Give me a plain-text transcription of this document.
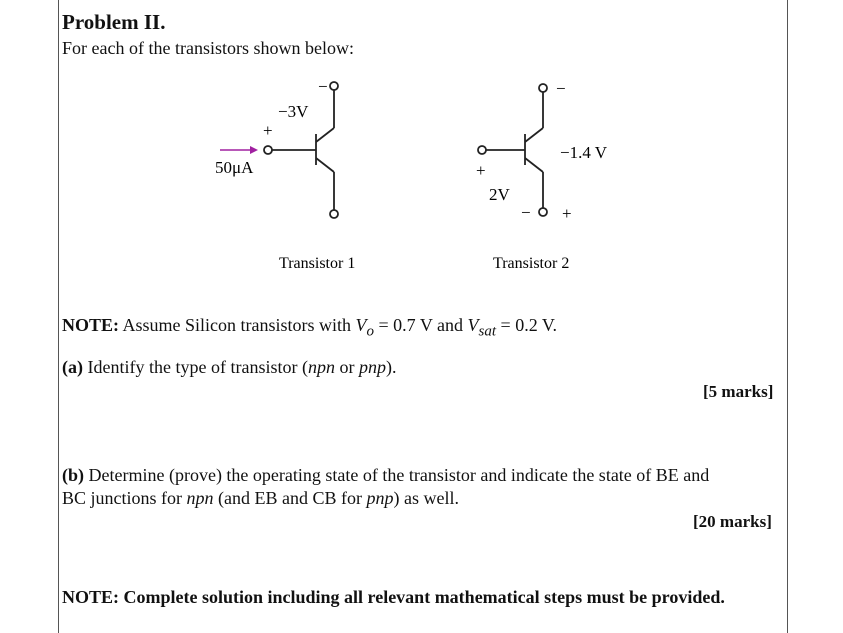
Problem II.
For each of the transistors shown below:
−
−3V
+
50μA
Transistor 1
−
−1.4 V
+
2V
− +
Transistor 2
NOTE: Assume Silicon transistors with $V_o = 0.7$ V and $V_{sat} = 0.2$ V.
(a) Identify the type of transistor (npn or pnp).
[5 marks]
(b) Determine (prove) the operating state of the transistor and indicate the state of BE and
BC junctions for npn (and EB and CB for pnp) as well.
[20 marks]
NOTE: Complete solution including all relevant mathematical steps must be provided.
